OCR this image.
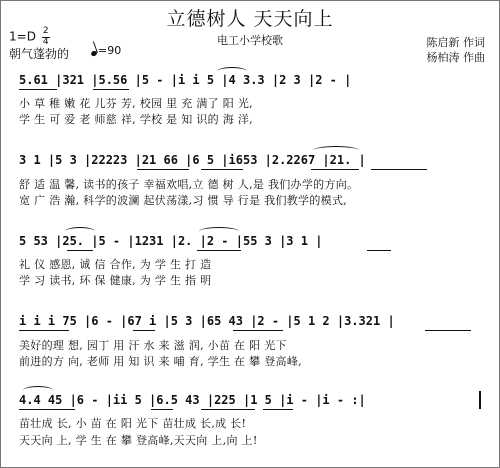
立德树人 天天向上
电工小学校歌
$1=D \frac{2}{4}$
朝气蓬勃的	=90
陈启新 作词
杨柏涛 作曲
5.61 |321 |5.56 |5 - |i i 5 |4 3.3 |2 3 |2 - |
小 草 稚 嫩 花 儿芬 芳, 校园 里 充 满了 阳 光,
学 生 可 爱 老 师慈 祥, 学校 是 知 识的 海 洋,
3 1 |5 3 |22223 |21 66 |6 5 |i653 |2.2267 |21. |
舒 适 温 馨, 读书的孩子 幸福欢唱,立 德 树 人,是 我们办学的方向。
宽 广 浩 瀚, 科学的波澜 起伏荡漾,习 惯 导 行是 我们教学的模式,
5 53 |25. |5 - |1231 |2. |2 - |55 3 |3 1 |
礼 仪 感恩, 诚 信 合作, 为 学 生 打 造
学 习 读书, 环 保 健康, 为 学 生 指 明
i i i 75 |6 - |67 i |5 3 |65 43 |2 - |5 1 2 |3.321 |
美好的理 想, 园丁 用 汗 水 来 滋 润, 小苗 在 阳 光下
前进的方 向, 老师 用 知 识 来 哺 育, 学生 在 攀 登高峰,
4.4 45 |6 - |ii 5 |6.5 43 |225 |1 5 |i - |i - :|
苗壮成 长, 小 苗 在 阳 光下 苗壮成 长,成 长!
天天向 上, 学 生 在 攀 登高峰,天天向 上,向 上!
